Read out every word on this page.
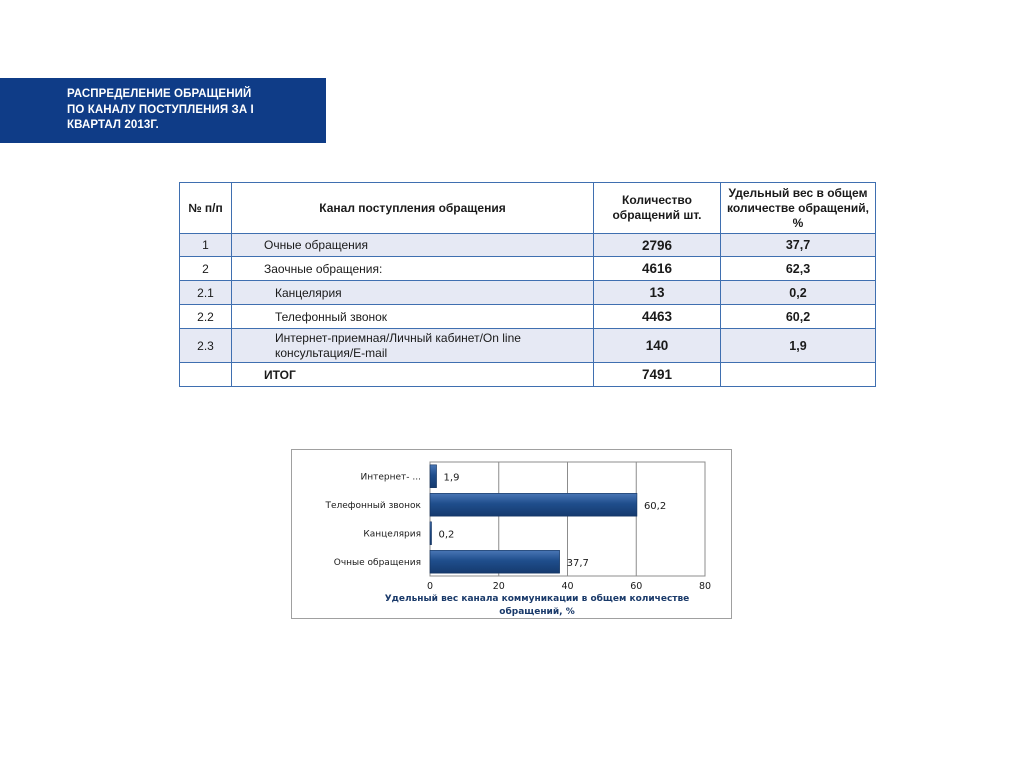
РАСПРЕДЕЛЕНИЕ ОБРАЩЕНИЙ
ПО КАНАЛУ ПОСТУПЛЕНИЯ ЗА I
КВАРТАЛ 2013Г.
№ п/п	Канал поступления обращения	Количество обращений шт.	Удельный вес в общем количестве обращений, %
1	Очные обращения	2796	37,7
2	Заочные обращения:	4616	62,3
2.1	Канцелярия	13	0,2
2.2	Телефонный звонок	4463	60,2
2.3	Интернет-приемная/Личный кабинет/On line консультация/E-mail	140	1,9
	ИТОГ	7491	
Очные обращения
Канцелярия
Телефонный звонок
Интернет- ...
37,7
0,2
60,2
1,9
0	20	40	60	80
Удельный вес канала коммуникации в общем количестве
обращений, %
